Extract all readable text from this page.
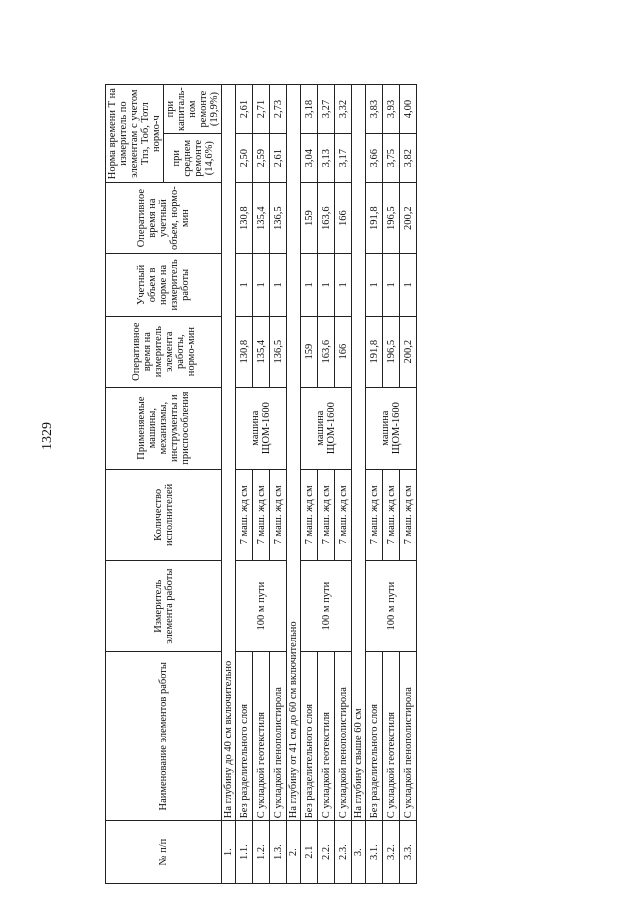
1329
№ п/п	Наименование элементов работы	Измеритель элемента работы	Количество исполнителей	Применяемые машины, механизмы, инструменты и приспособления	Оперативное время на измеритель элемента работы, нормо-мин	Учетный объем в норме на измеритель работы	Оперативное время на учетный объем, нормо-мин	Норма времени Т на измеритель по элементам с учетом Тпз, Тоб, Тотл нормо-ч	
								при среднем ремонте (14,6%)	при капиталь-ном ремонте (19,9%)
1.	На глубину до 40 см включительно								
1.1.	Без разделительного слоя	100 м пути	7 маш. жд см	машина ЩОМ-1600	130,8	1	130,8	2,50	2,61
1.2.	С укладкой геотекстиля		7 маш. жд см		135,4	1	135,4	2,59	2,71
1.3.	С укладкой пенополистирола		7 маш. жд см		136,5	1	136,5	2,61	2,73
2.	На глубину от 41 см до 60 см включительно								
2.1	Без разделительного слоя	100 м пути	7 маш. жд см	машина ЩОМ-1600	159	1	159	3,04	3,18
2.2.	С укладкой геотекстиля		7 маш. жд см		163,6	1	163,6	3,13	3,27
2.3.	С укладкой пенополистирола		7 маш. жд см		166	1	166	3,17	3,32
3.	На глубину свыше 60 см								
3.1.	Без разделительного слоя	100 м пути	7 маш. жд см	машина ЩОМ-1600	191,8	1	191,8	3,66	3,83
3.2.	С укладкой геотекстиля		7 маш. жд см		196,5	1	196,5	3,75	3,93
3.3.	С укладкой пенополистирола		7 маш. жд см		200,2	1	200,2	3,82	4,00
